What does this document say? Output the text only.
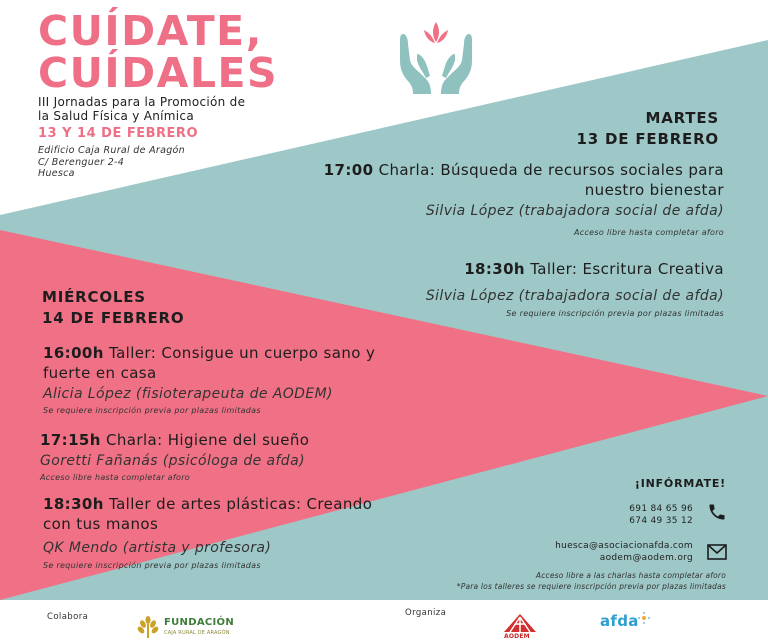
CUÍDATE,
CUÍDALES
III Jornadas para la Promoción de
la Salud Física y Anímica
13 Y 14 DE FEBRERO
Edificio Caja Rural de Aragón
C/ Berenguer 2-4
Huesca
MARTES
13 DE FEBRERO
17:00 Charla: Búsqueda de recursos sociales para
nuestro bienestar
Silvia Lópe​z (trabajadora social de afda)
Acceso libre hasta completar aforo
18:30h Taller: Escritura Creativa
Silvia López (trabajadora social de afda)
Se requiere inscripción previa por plazas limitadas
MIÉRCOLES
14 DE FEBRERO
16:00h Taller: Consigue un cuerpo sano y
fuerte en casa
Alicia López (fisioterapeuta de AODEM)
Se requiere inscripción previa por plazas limitadas
17:15h Charla: Higiene del sueño
Goretti Fañanás (psicóloga de afda)
Acceso libre hasta completar aforo
18:30h Taller de artes plásticas: Creando
con tus manos
QK Mendo (artista y profesora)
Se requiere inscripción previa por plazas limitadas
¡INFÓRMATE!
691 84 65 96
674 49 35 12
huesca@asociacionafda.com
aodem@aodem.org
Acceso libre a las charlas hasta completar aforo
*Para los talleres se requiere inscripción previa por plazas limitadas
Colabora	Organiza
FUNDACIÓN
CAJA RURAL DE ARAGÓN	AODEM
afda
